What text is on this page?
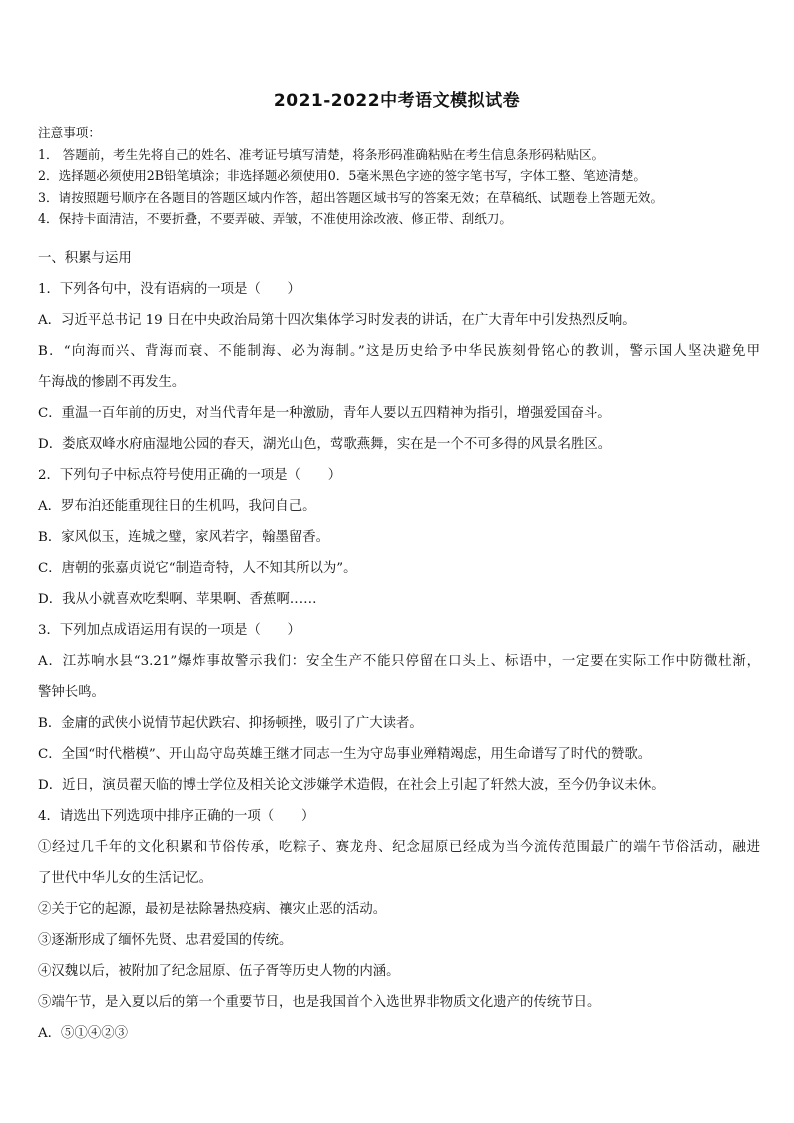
2021-2022中考语文模拟试卷
注意事项：
1． 答题前，考生先将自己的姓名、准考证号填写清楚，将条形码准确粘贴在考生信息条形码粘贴区。
2．选择题必须使用2B铅笔填涂；非选择题必须使用0．5毫米黑色字迹的签字笔书写，字体工整、笔迹清楚。
3．请按照题号顺序在各题目的答题区域内作答，超出答题区域书写的答案无效；在草稿纸、试题卷上答题无效。
4．保持卡面清洁，不要折叠，不要弄破、弄皱，不准使用涂改液、修正带、刮纸刀。
一、积累与运用
1．下列各句中，没有语病的一项是（　　）
A．习近平总书记 19 日在中央政治局第十四次集体学习时发表的讲话，在广大青年中引发热烈反响。
B．“向海而兴、背海而衰、不能制海、必为海制。”这是历史给予中华民族刻骨铭心的教训，警示国人坚决避免甲
午海战的惨剧不再发生。
C．重温一百年前的历史，对当代青年是一种激励，青年人要以五四精神为指引，增强爱国奋斗。
D．娄底双峰水府庙湿地公园的春天，湖光山色，莺歌燕舞，实在是一个不可多得的风景名胜区。
2．下列句子中标点符号使用正确的一项是（　　）
A．罗布泊还能重现往日的生机吗，我问自己。
B．家风似玉，连城之璧，家风若字，翰墨留香。
C．唐朝的张嘉贞说它“制造奇特，人不知其所以为”。
D．我从小就喜欢吃梨啊、苹果啊、香蕉啊……
3．下列加点成语运用有误的一项是（　　）
A．江苏响水县“3.21”爆炸事故警示我们：安全生产不能只停留在口头上、标语中，一定要在实际工作中防微杜渐，
警钟长鸣。
B．金庸的武侠小说情节起伏跌宕、抑扬顿挫，吸引了广大读者。
C．全国“时代楷模”、开山岛守岛英雄王继才同志一生为守岛事业殚精竭虑，用生命谱写了时代的赞歌。
D．近日，演员翟天临的博士学位及相关论文涉嫌学术造假，在社会上引起了轩然大波，至今仍争议未休。
4．请选出下列选项中排序正确的一项（　　）
①经过几千年的文化积累和节俗传承，吃粽子、赛龙舟、纪念屈原已经成为当今流传范围最广的端午节俗活动，融进
了世代中华儿女的生活记忆。
②关于它的起源，最初是祛除暑热疫病、禳灾止恶的活动。
③逐渐形成了缅怀先贤、忠君爱国的传统。
④汉魏以后，被附加了纪念屈原、伍子胥等历史人物的内涵。
⑤端午节，是入夏以后的第一个重要节日，也是我国首个入选世界非物质文化遗产的传统节日。
A．⑤①④②③
